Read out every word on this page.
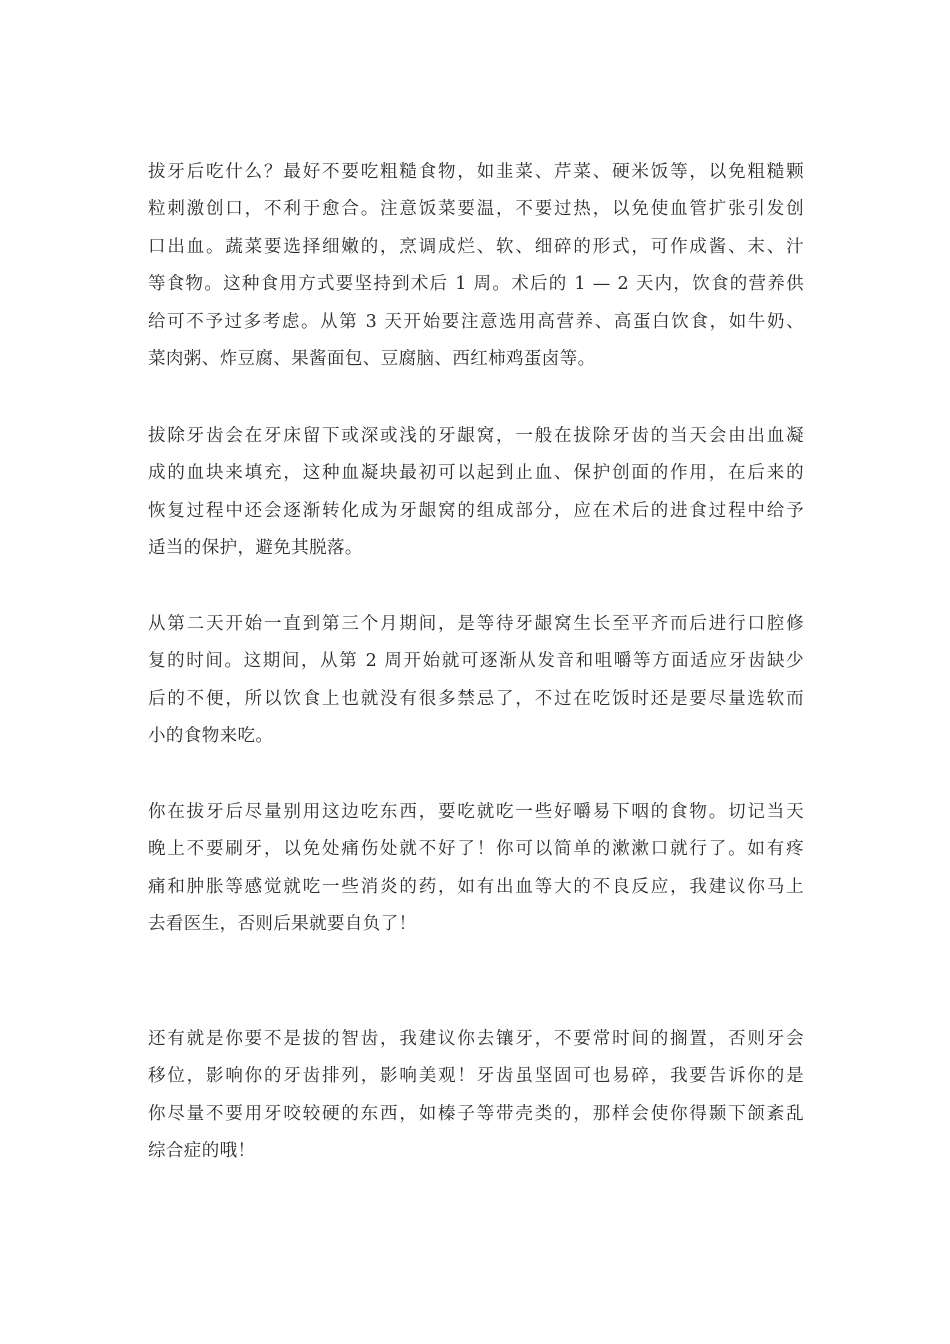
拔牙后吃什么？最好不要吃粗糙食物，如韭菜、芹菜、硬米饭等，以免粗糙颗
粒刺激创口，不利于愈合。注意饭菜要温，不要过热，以免使血管扩张引发创
口出血。蔬菜要选择细嫩的，烹调成烂、软、细碎的形式，可作成酱、末、汁
等食物。这种食用方式要坚持到术后 1 周。术后的 1 — 2 天内，饮食的营养供
给可不予过多考虑。从第 3 天开始要注意选用高营养、高蛋白饮食，如牛奶、
菜肉粥、炸豆腐、果酱面包、豆腐脑、西红柿鸡蛋卤等。

拔除牙齿会在牙床留下或深或浅的牙龈窝，一般在拔除牙齿的当天会由出血凝
成的血块来填充，这种血凝块最初可以起到止血、保护创面的作用，在后来的
恢复过程中还会逐渐转化成为牙龈窝的组成部分，应在术后的进食过程中给予
适当的保护，避免其脱落。

从第二天开始一直到第三个月期间，是等待牙龈窝生长至平齐而后进行口腔修
复的时间。这期间，从第 2 周开始就可逐渐从发音和咀嚼等方面适应牙齿缺少
后的不便，所以饮食上也就没有很多禁忌了，不过在吃饭时还是要尽量选软而
小的食物来吃。

你在拔牙后尽量别用这边吃东西，要吃就吃一些好嚼易下咽的食物。切记当天
晚上不要刷牙，以免处痛伤处就不好了！你可以简单的漱漱口就行了。如有疼
痛和肿胀等感觉就吃一些消炎的药，如有出血等大的不良反应，我建议你马上
去看医生，否则后果就要自负了！

还有就是你要不是拔的智齿，我建议你去镶牙，不要常时间的搁置，否则牙会
移位，影响你的牙齿排列，影响美观！牙齿虽坚固可也易碎，我要告诉你的是
你尽量不要用牙咬较硬的东西，如榛子等带壳类的，那样会使你得颞下颌紊乱
综合症的哦！
